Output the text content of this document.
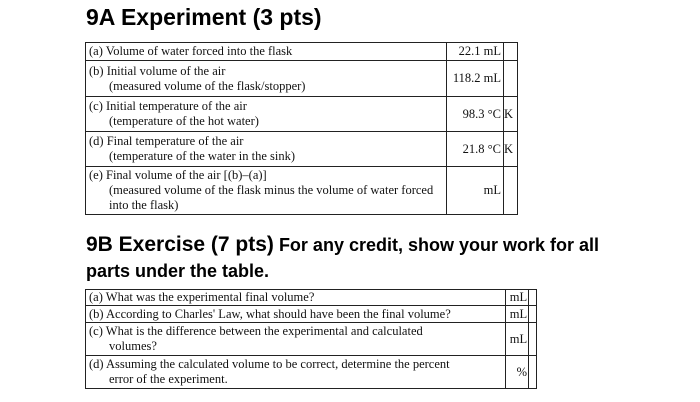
9A Experiment (3 pts)
(a) Volume of water forced into the flask	22.1 mL	
(b) Initial volume of the air
(measured volume of the flask/stopper)	118.2 mL	
(c) Initial temperature of the air
(temperature of the hot water)	98.3 °C	K
(d) Final temperature of the air
(temperature of the water in the sink)	21.8 °C	K
(e) Final volume of the air [(b)–(a)]
(measured volume of the flask minus the volume of water forced into the flask)	mL	
9B Exercise (7 pts) For any credit, show your work for all parts under the table.
(a) What was the experimental final volume?	mL	
(b) According to Charles' Law, what should have been the final volume?	mL	
(c) What is the difference between the experimental and calculated
volumes?	mL	
(d) Assuming the calculated volume to be correct, determine the percent
error of the experiment.	%	
